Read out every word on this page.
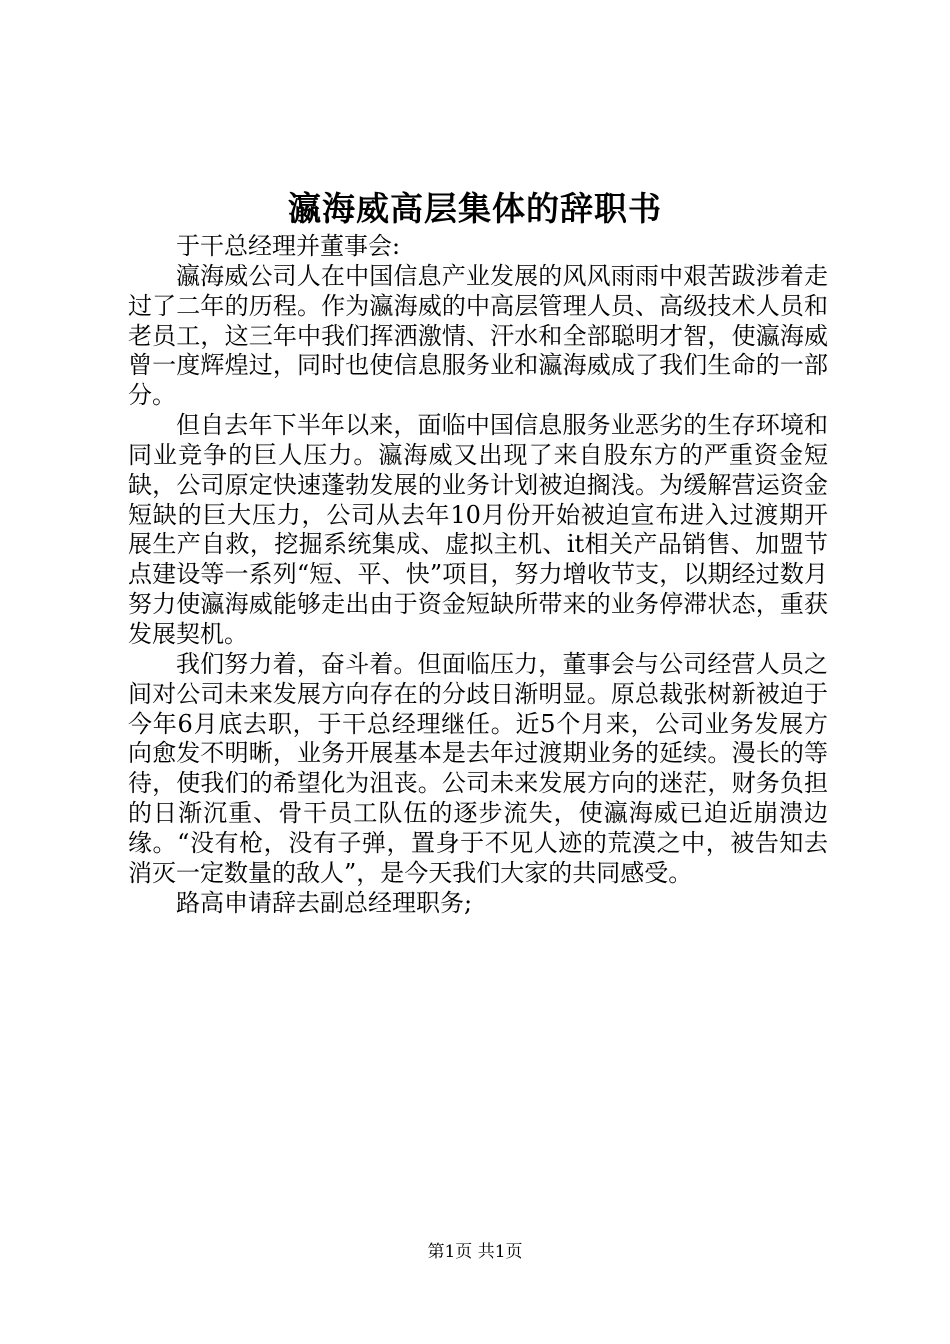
瀛海威高层集体的辞职书

于干总经理并董事会:

瀛海威公司人在中国信息产业发展的风风雨雨中艰苦跋涉着走过了二年的历程。作为瀛海威的中高层管理人员、高级技术人员和老员工，这三年中我们挥洒激情、汗水和全部聪明才智，使瀛海威曾一度辉煌过，同时也使信息服务业和瀛海威成了我们生命的一部分。

但自去年下半年以来，面临中国信息服务业恶劣的生存环境和同业竞争的巨人压力。瀛海威又出现了来自股东方的严重资金短缺，公司原定快速蓬勃发展的业务计划被迫搁浅。为缓解营运资金短缺的巨大压力，公司从去年10月份开始被迫宣布进入过渡期开展生产自救，挖掘系统集成、虚拟主机、it相关产品销售、加盟节点建设等一系列“短、平、快”项目，努力增收节支，以期经过数月努力使瀛海威能够走出由于资金短缺所带来的业务停滞状态，重获发展契机。

我们努力着，奋斗着。但面临压力，董事会与公司经营人员之间对公司未来发展方向存在的分歧日渐明显。原总裁张树新被迫于今年6月底去职，于干总经理继任。近5个月来，公司业务发展方向愈发不明晰，业务开展基本是去年过渡期业务的延续。漫长的等待，使我们的希望化为沮丧。公司未来发展方向的迷茫，财务负担的日渐沉重、骨干员工队伍的逐步流失，使瀛海威已迫近崩溃边缘。“没有枪，没有子弹，置身于不见人迹的荒漠之中，被告知去消灭一定数量的敌人”，是今天我们大家的共同感受。

路高申请辞去副总经理职务;

第1页 共1页
